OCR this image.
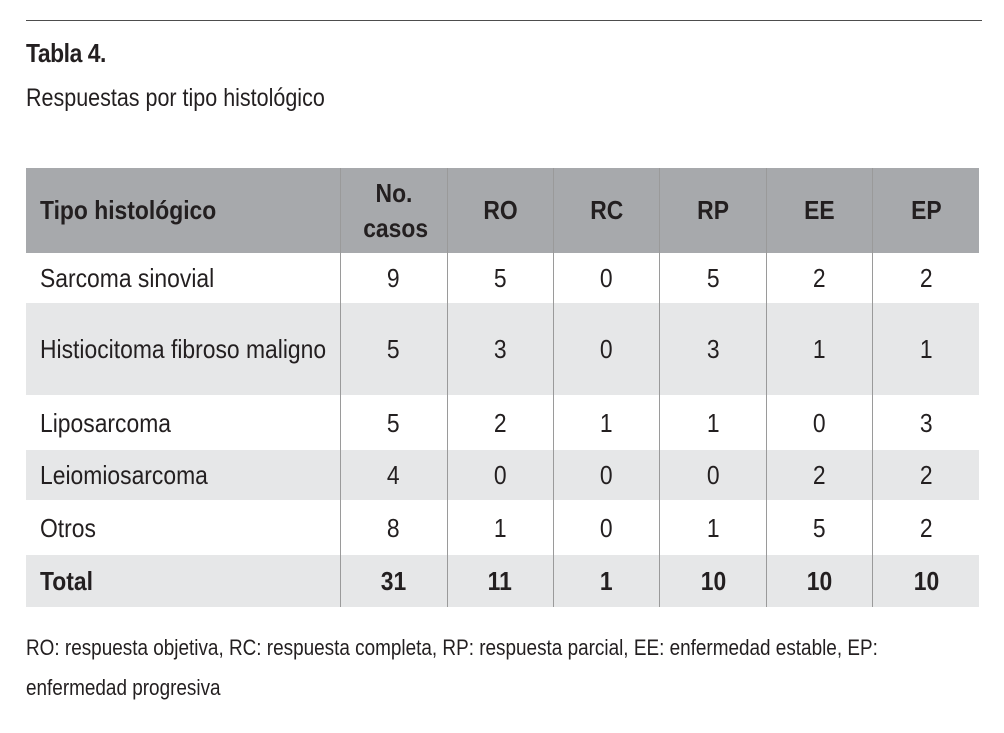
Tabla 4.
Respuestas por tipo histológico
Tipo histológico	No. casos	RO	RC	RP	EE	EP
Sarcoma sinovial	9	5	0	5	2	2
Histiocitoma fibroso maligno	5	3	0	3	1	1
Liposarcoma	5	2	1	1	0	3
Leiomiosarcoma	4	0	0	0	2	2
Otros	8	1	0	1	5	2
Total	31	11	1	10	10	10
RO: respuesta objetiva, RC: respuesta completa, RP: respuesta parcial, EE: enfermedad estable, EP: enfermedad progresiva
